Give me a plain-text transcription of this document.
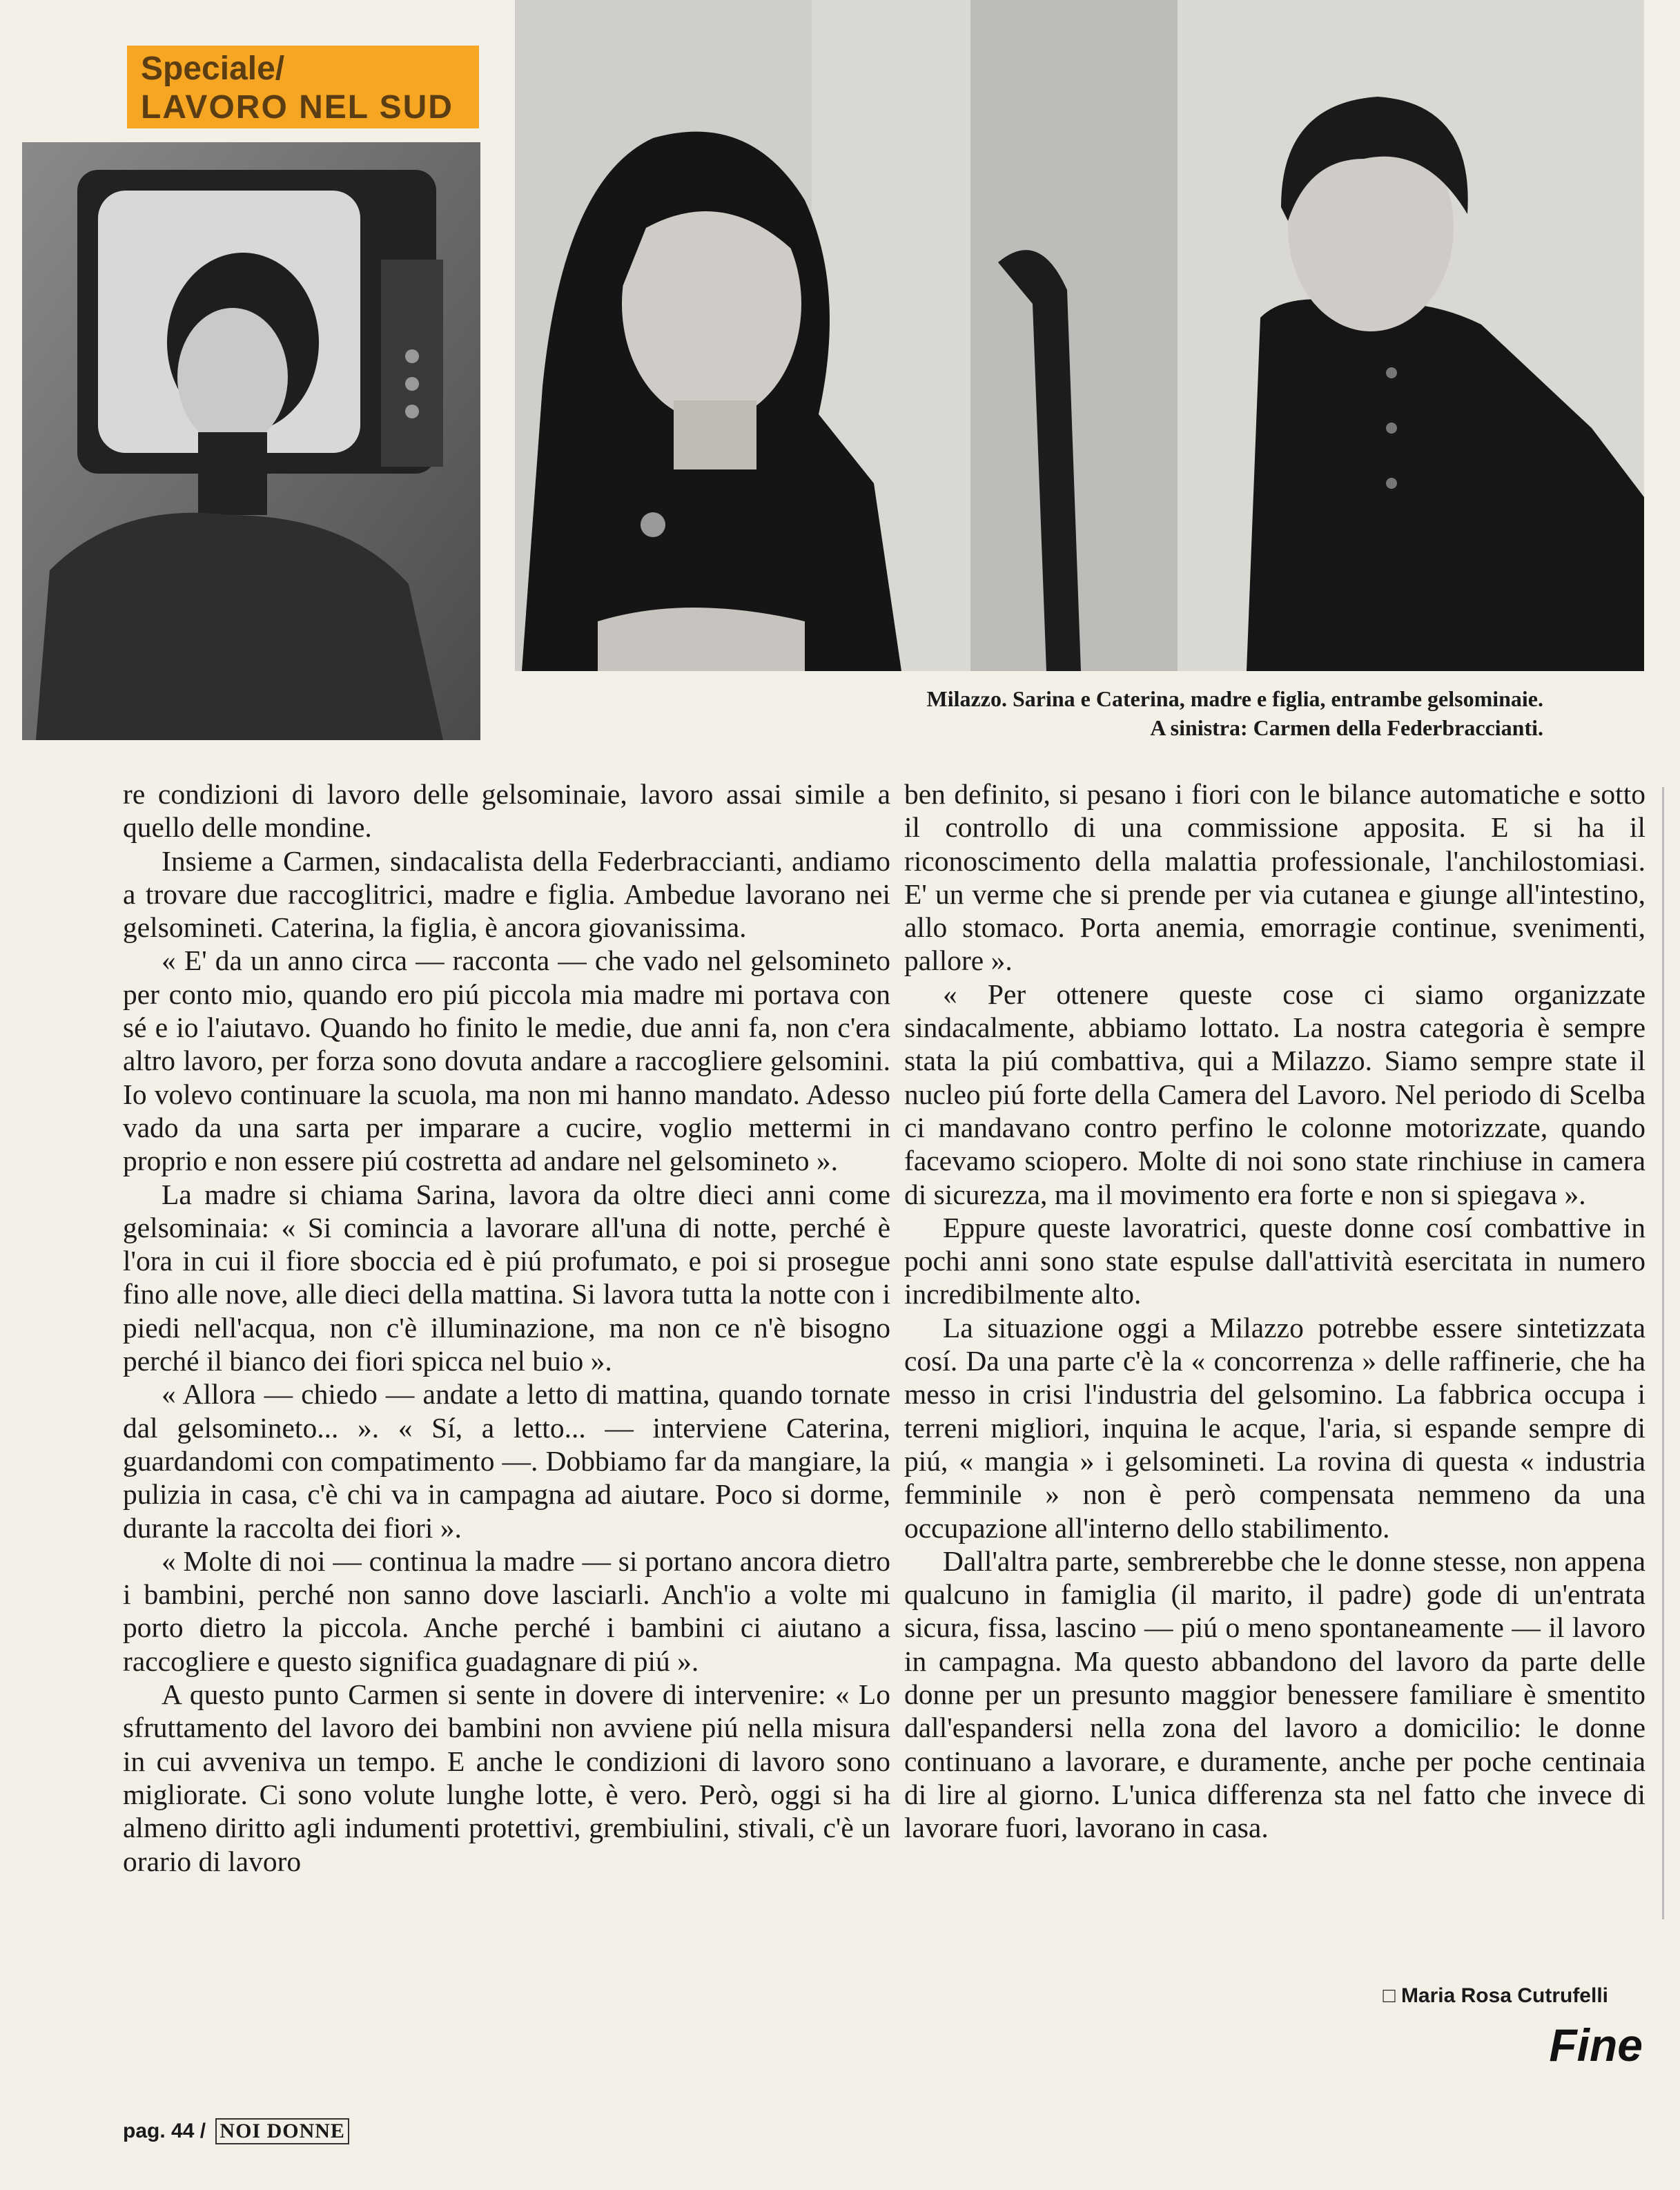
Speciale/
LAVORO NEL SUD
Milazzo. Sarina e Caterina, madre e figlia, entrambe gelsominaie.
A sinistra: Carmen della Federbraccianti.

re condizioni di lavoro delle gelsominaie, lavoro assai simile a quello delle mondine.

Insieme a Carmen, sindacalista della Federbraccianti, andiamo a trovare due raccoglitrici, madre e figlia. Ambedue lavorano nei gelsomineti. Caterina, la figlia, è ancora giovanissima.

« E' da un anno circa — racconta — che vado nel gelsomineto per conto mio, quando ero piú piccola mia madre mi portava con sé e io l'aiutavo. Quando ho finito le medie, due anni fa, non c'era altro lavoro, per forza sono dovuta andare a raccogliere gelsomini. Io volevo continuare la scuola, ma non mi hanno mandato. Adesso vado da una sarta per imparare a cucire, voglio mettermi in proprio e non essere piú costretta ad andare nel gelsomineto ».

La madre si chiama Sarina, lavora da oltre dieci anni come gelsominaia: « Si comincia a lavorare all'una di notte, perché è l'ora in cui il fiore sboccia ed è piú profumato, e poi si prosegue fino alle nove, alle dieci della mattina. Si lavora tutta la notte con i piedi nell'acqua, non c'è illuminazione, ma non ce n'è bisogno perché il bianco dei fiori spicca nel buio ».

« Allora — chiedo — andate a letto di mattina, quando tornate dal gelsomineto... ». « Sí, a letto... — interviene Caterina, guardandomi con compatimento —. Dobbiamo far da mangiare, la pulizia in casa, c'è chi va in campagna ad aiutare. Poco si dorme, durante la raccolta dei fiori ».

« Molte di noi — continua la madre — si portano ancora dietro i bambini, perché non sanno dove lasciarli. Anch'io a volte mi porto dietro la piccola. Anche perché i bambini ci aiutano a raccogliere e questo significa guadagnare di piú ».

A questo punto Carmen si sente in dovere di intervenire: « Lo sfruttamento del lavoro dei bambini non avviene piú nella misura in cui avveniva un tempo. E anche le condizioni di lavoro sono migliorate. Ci sono volute lunghe lotte, è vero. Però, oggi si ha almeno diritto agli indumenti protettivi, grembiulini, stivali, c'è un orario di lavoro

ben definito, si pesano i fiori con le bilance automatiche e sotto il controllo di una commissione apposita. E si ha il riconoscimento della malattia professionale, l'anchilostomiasi. E' un verme che si prende per via cutanea e giunge all'intestino, allo stomaco. Porta anemia, emorragie continue, svenimenti, pallore ».

« Per ottenere queste cose ci siamo organizzate sindacalmente, abbiamo lottato. La nostra categoria è sempre stata la piú combattiva, qui a Milazzo. Siamo sempre state il nucleo piú forte della Camera del Lavoro. Nel periodo di Scelba ci mandavano contro perfino le colonne motorizzate, quando facevamo sciopero. Molte di noi sono state rinchiuse in camera di sicurezza, ma il movimento era forte e non si spiegava ».

Eppure queste lavoratrici, queste donne cosí combattive in pochi anni sono state espulse dall'attività esercitata in numero incredibilmente alto.

La situazione oggi a Milazzo potrebbe essere sintetizzata cosí. Da una parte c'è la « concorrenza » delle raffinerie, che ha messo in crisi l'industria del gelsomino. La fabbrica occupa i terreni migliori, inquina le acque, l'aria, si espande sempre di piú, « mangia » i gelsomineti. La rovina di questa « industria femminile » non è però compensata nemmeno da una occupazione all'interno dello stabilimento.

Dall'altra parte, sembrerebbe che le donne stesse, non appena qualcuno in famiglia (il marito, il padre) gode di un'entrata sicura, fissa, lascino — piú o meno spontaneamente — il lavoro in campagna. Ma questo abbandono del lavoro da parte delle donne per un presunto maggior benessere familiare è smentito dall'espandersi nella zona del lavoro a domicilio: le donne continuano a lavorare, e duramente, anche per poche centinaia di lire al giorno. L'unica differenza sta nel fatto che invece di lavorare fuori, lavorano in casa.

□ Maria Rosa Cutrufelli
Fine
pag. 44 / NOI DONNE
